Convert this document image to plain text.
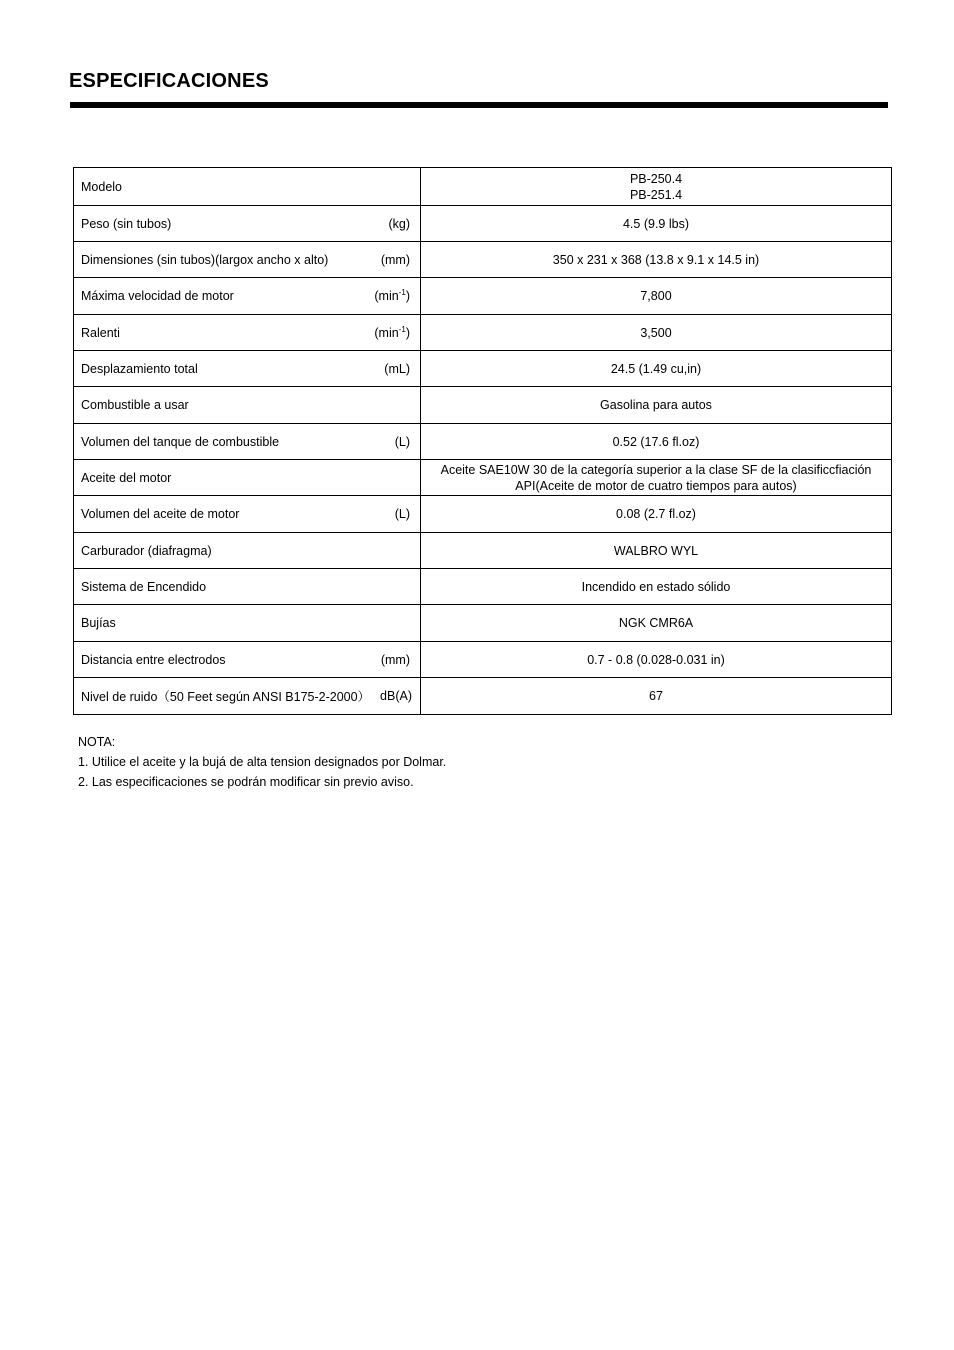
ESPECIFICACIONES
Modelo	PB-250.4
PB-251.4

Peso (sin tubos) (kg)	4.5 (9.9 lbs)

Dimensiones (sin tubos)(largox ancho x alto) (mm)	350 x 231 x 368 (13.8 x 9.1 x 14.5 in)

Máxima velocidad de motor $(\min^{-1})$	7,800

Ralenti $(\min^{-1})$	3,500

Desplazamiento total (mL)	24.5 (1.49 cu,in)

Combustible a usar	Gasolina para autos

Volumen del tanque de combustible (L)	0.52 (17.6 fl.oz)

Aceite del motor	Aceite SAE10W 30 de la categoría superior a la clase SF de la clasificcfiación API(Aceite de motor de cuatro tiempos para autos)

Volumen del aceite de motor (L)	0.08 (2.7 fl.oz)

Carburador (diafragma)	WALBRO WYL

Sistema de Encendido	Incendido en estado sólido

Bujías	NGK CMR6A

Distancia entre electrodos (mm)	0.7 - 0.8 (0.028-0.031 in)

Nivel de ruido（50 Feet según ANSI B175-2-2000） dB(A)	67
NOTA:
1. Utilice el aceite y la bujá de alta tension designados por Dolmar.
2. Las especificaciones se podrán modificar sin previo aviso.
